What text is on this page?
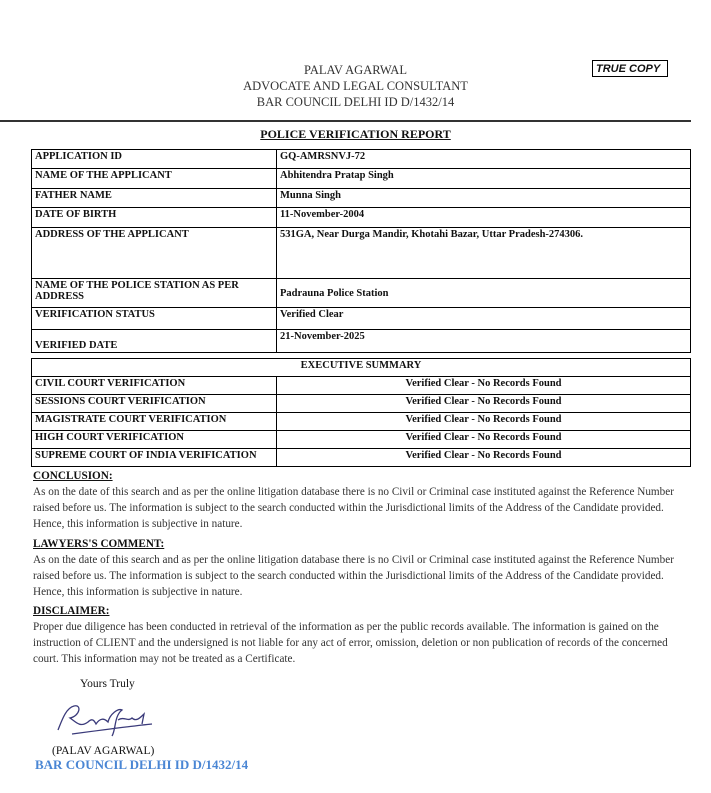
PALAV AGARWAL
ADVOCATE AND LEGAL CONSULTANT
BAR COUNCIL DELHI ID D/1432/14
TRUE COPY
POLICE VERIFICATION REPORT
APPLICATION ID	GQ-AMRSNVJ-72
NAME OF THE APPLICANT	Abhitendra Pratap Singh
FATHER NAME	Munna Singh
DATE OF BIRTH	11-November-2004
ADDRESS OF THE APPLICANT	531GA, Near Durga Mandir, Khotahi Bazar, Uttar Pradesh-274306.
NAME OF THE POLICE STATION AS PER ADDRESS	Padrauna Police Station
VERIFICATION STATUS	Verified Clear
VERIFIED DATE	21-November-2025
EXECUTIVE SUMMARY	
CIVIL COURT VERIFICATION	Verified Clear - No Records Found
SESSIONS COURT VERIFICATION	Verified Clear - No Records Found
MAGISTRATE COURT VERIFICATION	Verified Clear - No Records Found
HIGH COURT VERIFICATION	Verified Clear - No Records Found
SUPREME COURT OF INDIA VERIFICATION	Verified Clear - No Records Found
CONCLUSION:
As on the date of this search and as per the online litigation database there is no Civil or Criminal case instituted against the Reference Number raised before us. The information is subject to the search conducted within the Jurisdictional limits of the Address of the Candidate provided. Hence, this information is subjective in nature.
LAWYERS'S COMMENT:
As on the date of this search and as per the online litigation database there is no Civil or Criminal case instituted against the Reference Number raised before us. The information is subject to the search conducted within the Jurisdictional limits of the Address of the Candidate provided. Hence, this information is subjective in nature.
DISCLAIMER:
Proper due diligence has been conducted in retrieval of the information as per the public records available. The information is gained on the instruction of CLIENT and the undersigned is not liable for any act of error, omission, deletion or non publication of records of the concerned court. This information may not be treated as a Certificate.
Yours Truly
(PALAV AGARWAL)
BAR COUNCIL DELHI ID D/1432/14
